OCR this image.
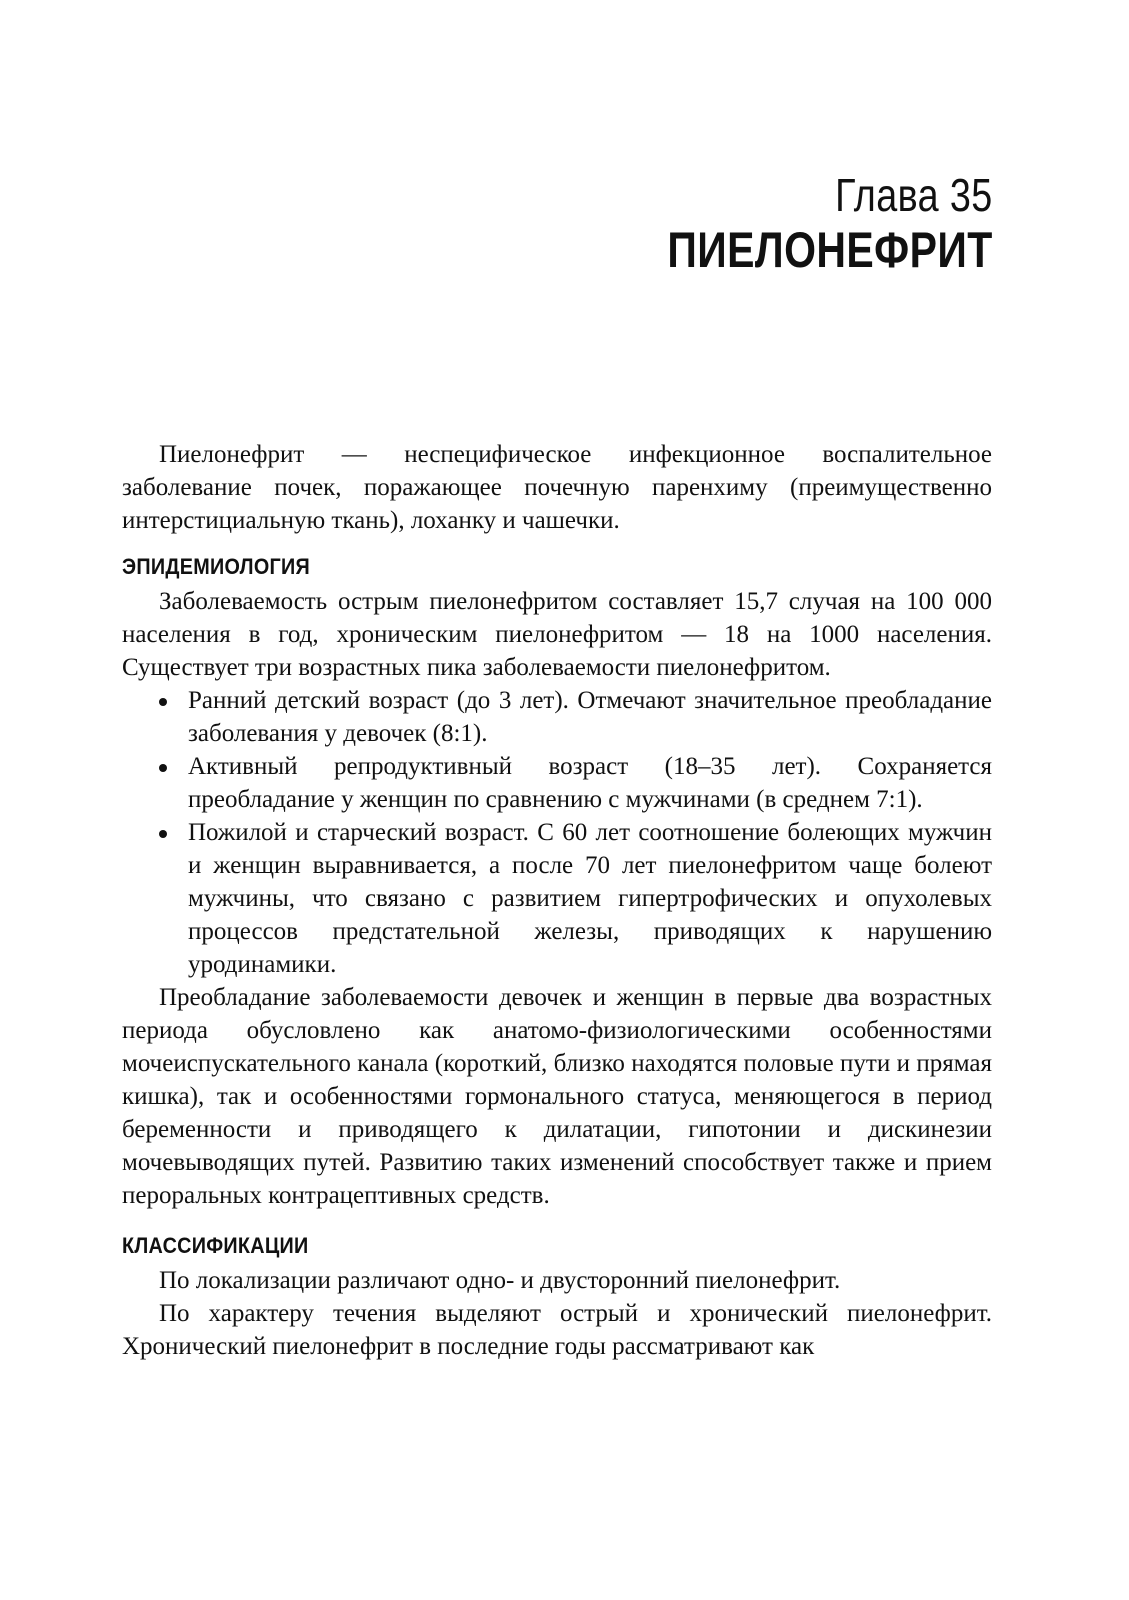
Глава 35
ПИЕЛОНЕФРИТ

Пиелонефрит — неспецифическое инфекционное воспалительное заболевание почек, поражающее почечную паренхиму (преимущественно интерстициальную ткань), лоханку и чашечки.

ЭПИДЕМИОЛОГИЯ

Заболеваемость острым пиелонефритом составляет 15,7 случая на 100 000 населения в год, хроническим пиелонефритом — 18 на 1000 населения. Существует три возрастных пика заболеваемости пиелонефритом.

Ранний детский возраст (до 3 лет). Отмечают значительное преобладание заболевания у девочек (8:1).
Активный репродуктивный возраст (18–35 лет). Сохраняется преобладание у женщин по сравнению с мужчинами (в среднем 7:1).
Пожилой и старческий возраст. С 60 лет соотношение болеющих мужчин и женщин выравнивается, а после 70 лет пиелонефритом чаще болеют мужчины, что связано с развитием гипертрофических и опухолевых процессов предстательной железы, приводящих к нарушению уродинамики.

Преобладание заболеваемости девочек и женщин в первые два возрастных периода обусловлено как анатомо-физиологическими особенностями мочеиспускательного канала (короткий, близко находятся половые пути и прямая кишка), так и особенностями гормонального статуса, меняющегося в период беременности и приводящего к дилатации, гипотонии и дискинезии мочевыводящих путей. Развитию таких изменений способствует также и прием пероральных контрацептивных средств.

КЛАССИФИКАЦИИ

По локализации различают одно- и двусторонний пиелонефрит.

По характеру течения выделяют острый и хронический пиелонефрит. Хронический пиелонефрит в последние годы рассматривают как
